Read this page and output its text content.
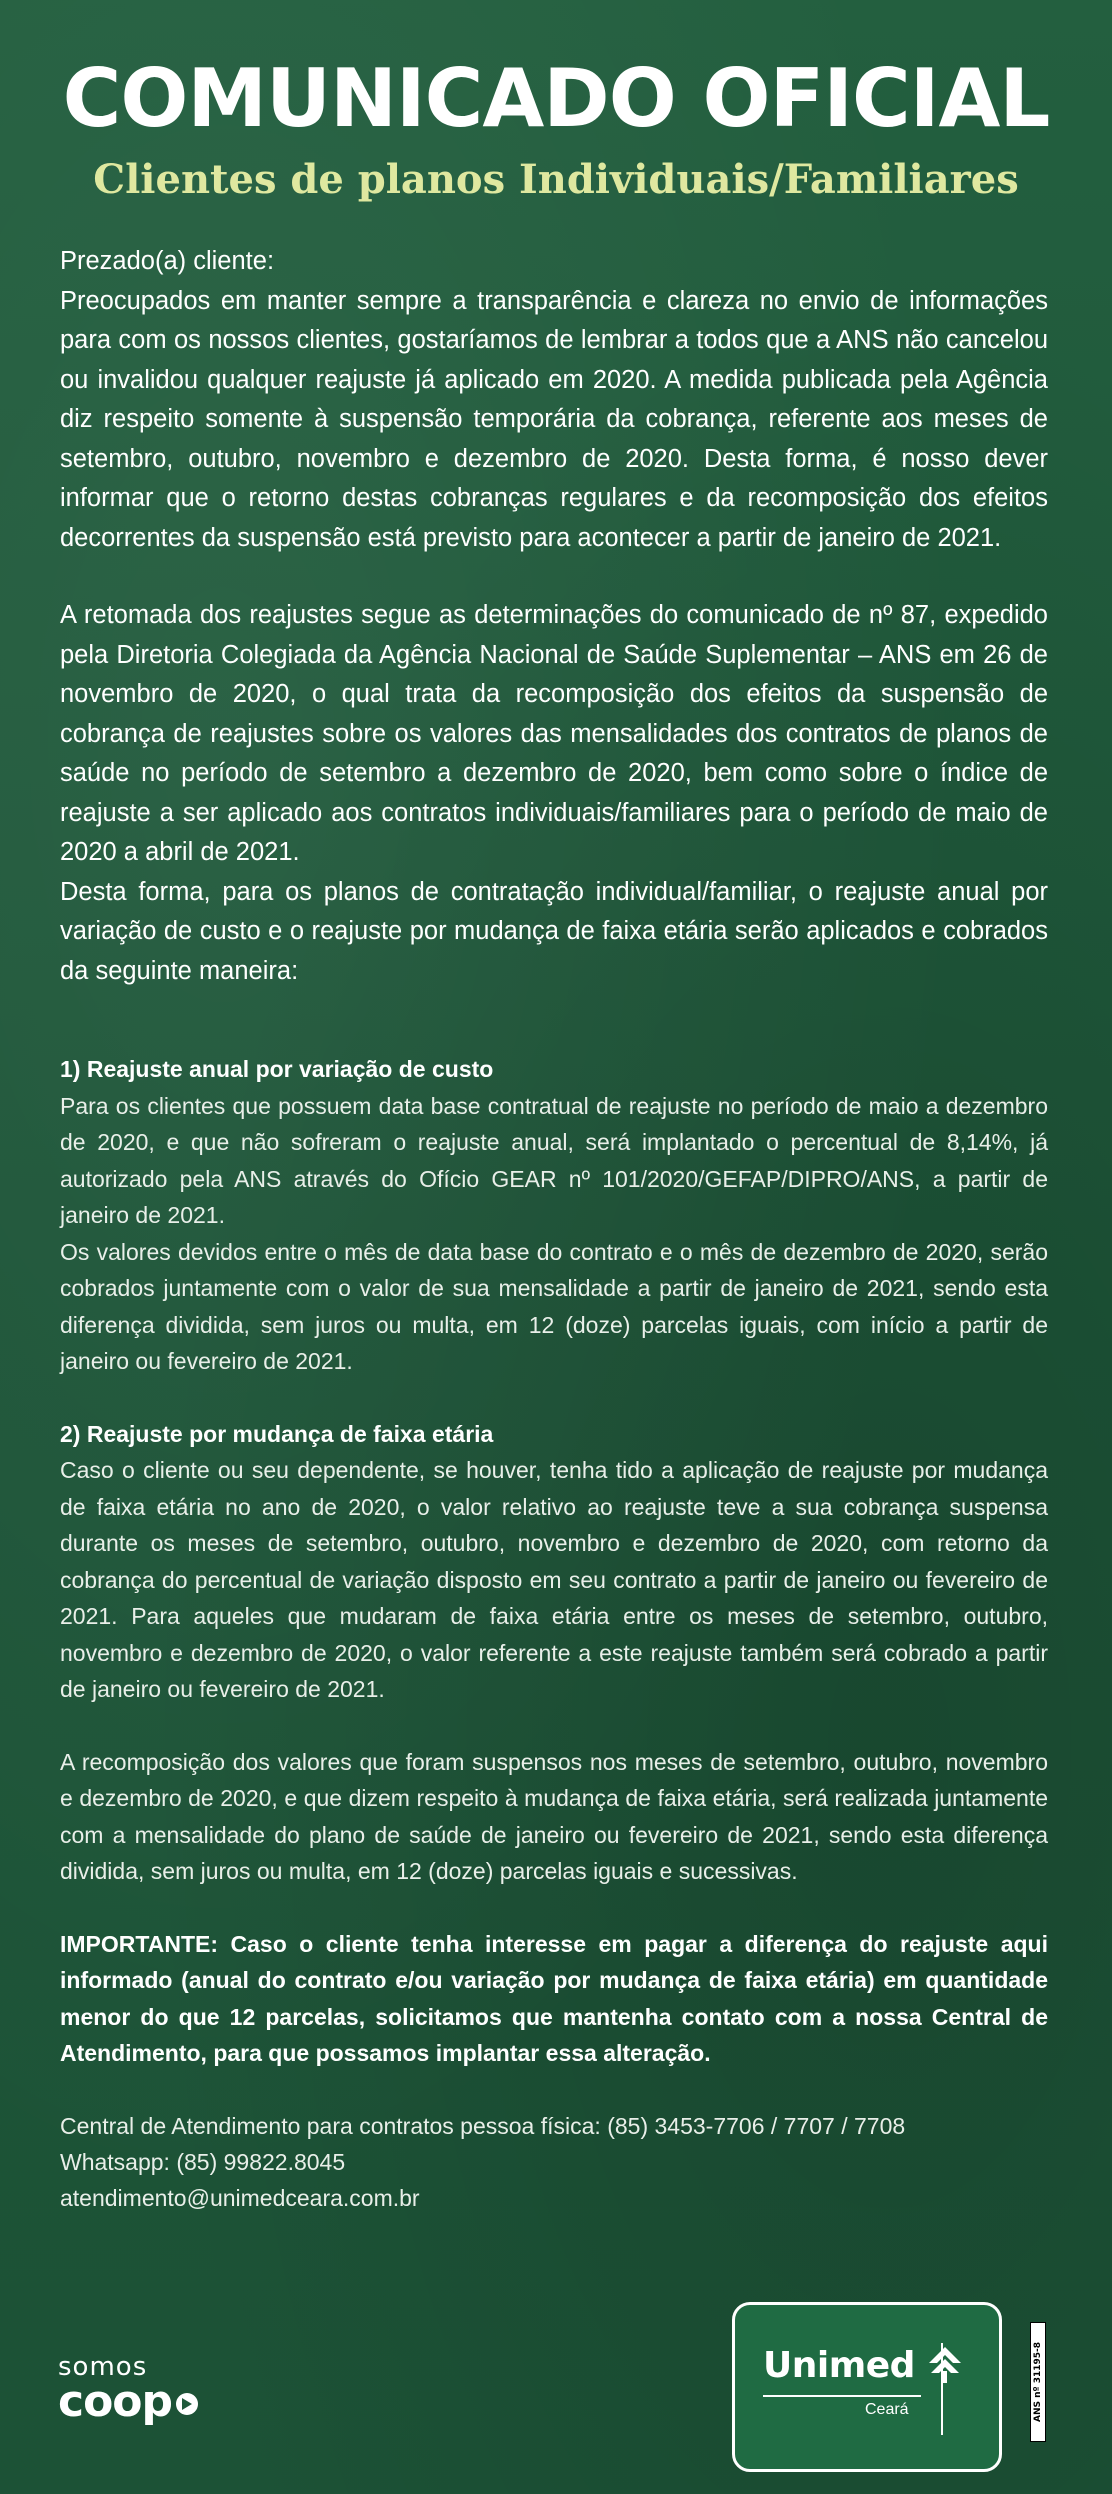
COMUNICADO OFICIAL
Clientes de planos Individuais/Familiares

Prezado(a) cliente:

Preocupados em manter sempre a transparência e clareza no envio de informações para com os nossos clientes, gostaríamos de lembrar a todos que a ANS não cancelou ou invalidou qualquer reajuste já aplicado em 2020. A medida publicada pela Agência diz respeito somente à suspensão temporária da cobrança, referente aos meses de setembro, outubro, novembro e dezembro de 2020. Desta forma, é nosso dever informar que o retorno destas cobranças regulares e da recomposição dos efeitos decorrentes da suspensão está previsto para acontecer a partir de janeiro de 2021.

A retomada dos reajustes segue as determinações do comunicado de nº 87, expedido pela Diretoria Colegiada da Agência Nacional de Saúde Suplementar – ANS em 26 de novembro de 2020, o qual trata da recomposição dos efeitos da suspensão de cobrança de reajustes sobre os valores das mensalidades dos contratos de planos de saúde no período de setembro a dezembro de 2020, bem como sobre o índice de reajuste a ser aplicado aos contratos individuais/familiares para o período de maio de 2020 a abril de 2021.

Desta forma, para os planos de contratação individual/familiar, o reajuste anual por variação de custo e o reajuste por mudança de faixa etária serão aplicados e cobrados da seguinte maneira:

1) Reajuste anual por variação de custo

Para os clientes que possuem data base contratual de reajuste no período de maio a dezembro de 2020, e que não sofreram o reajuste anual, será implantado o percentual de 8,14%, já autorizado pela ANS através do Ofício GEAR nº 101/2020/GEFAP/DIPRO/ANS, a partir de janeiro de 2021.

Os valores devidos entre o mês de data base do contrato e o mês de dezembro de 2020, serão cobrados juntamente com o valor de sua mensalidade a partir de janeiro de 2021, sendo esta diferença dividida, sem juros ou multa, em 12 (doze) parcelas iguais, com início a partir de janeiro ou fevereiro de 2021.

2) Reajuste por mudança de faixa etária

Caso o cliente ou seu dependente, se houver, tenha tido a aplicação de reajuste por mudança de faixa etária no ano de 2020, o valor relativo ao reajuste teve a sua cobrança suspensa durante os meses de setembro, outubro, novembro e dezembro de 2020, com retorno da cobrança do percentual de variação disposto em seu contrato a partir de janeiro ou fevereiro de 2021. Para aqueles que mudaram de faixa etária entre os meses de setembro, outubro, novembro e dezembro de 2020, o valor referente a este reajuste também será cobrado a partir de janeiro ou fevereiro de 2021.

A recomposição dos valores que foram suspensos nos meses de setembro, outubro, novembro e dezembro de 2020, e que dizem respeito à mudança de faixa etária, será realizada juntamente com a mensalidade do plano de saúde de janeiro ou fevereiro de 2021, sendo esta diferença dividida, sem juros ou multa, em 12 (doze) parcelas iguais e sucessivas.

IMPORTANTE: Caso o cliente tenha interesse em pagar a diferença do reajuste aqui informado (anual do contrato e/ou variação por mudança de faixa etária) em quantidade menor do que 12 parcelas, solicitamos que mantenha contato com a nossa Central de Atendimento, para que possamos implantar essa alteração.

Central de Atendimento para contratos pessoa física: (85) 3453-7706 / 7707 / 7708

Whatsapp: (85) 99822.8045

atendimento@unimedceara.com.br

somos
coop
Unimed
Ceará	ANS nº 31195-8
